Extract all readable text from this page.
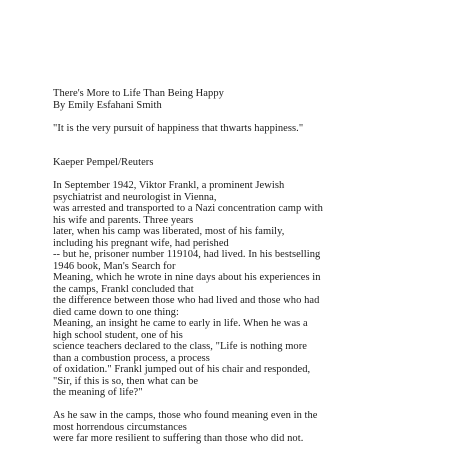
There's More to Life Than Being Happy
By Emily Esfahani Smith
"It is the very pursuit of happiness that thwarts happiness."
Kaeper Pempel/Reuters
In September 1942, Viktor Frankl, a prominent Jewish
psychiatrist and neurologist in Vienna,
was arrested and transported to a Nazi concentration camp with
his wife and parents. Three years
later, when his camp was liberated, most of his family,
including his pregnant wife, had perished
-- but he, prisoner number 119104, had lived. In his bestselling
1946 book, Man's Search for
Meaning, which he wrote in nine days about his experiences in
the camps, Frankl concluded that
the difference between those who had lived and those who had
died came down to one thing:
Meaning, an insight he came to early in life. When he was a
high school student, one of his
science teachers declared to the class, "Life is nothing more
than a combustion process, a process
of oxidation." Frankl jumped out of his chair and responded,
"Sir, if this is so, then what can be
the meaning of life?"
As he saw in the camps, those who found meaning even in the
most horrendous circumstances
were far more resilient to suffering than those who did not.
